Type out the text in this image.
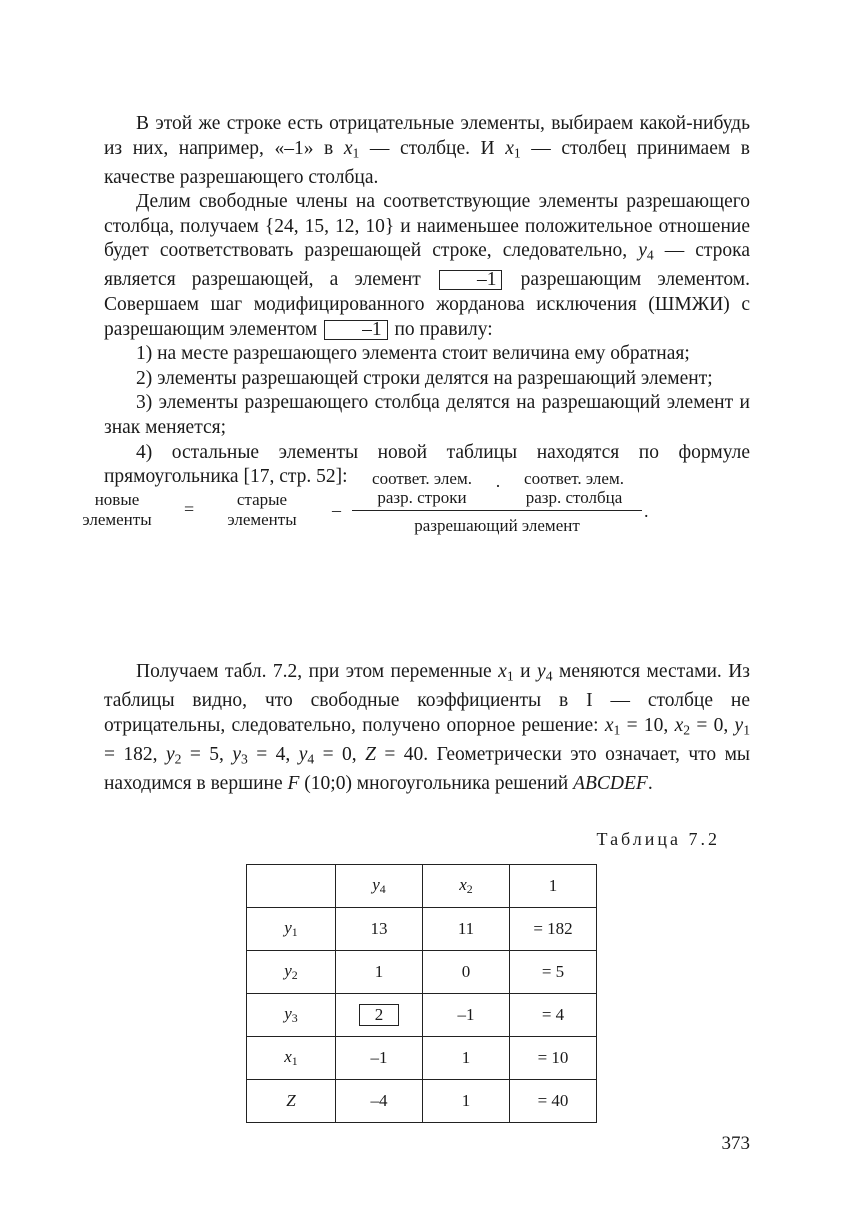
В этой же строке есть отрицательные элементы, выбираем какой-нибудь из них, например, «–1» в $x_1$ — столбце. И $x_1$ — столбец принимаем в качестве разрешающего столбца.

Делим свободные члены на соответствующие элементы разрешающего столбца, получаем {24, 15, 12, 10} и наименьшее положительное отношение будет соответствовать разрешающей строке, следовательно, $y_4$ — строка является разрешающей, а элемент –1 разрешающим элементом. Совершаем шаг модифицированного жорданова исключения (ШМЖИ) с разрешающим элементом –1 по правилу:

1) на месте разрешающего элемента стоит величина ему обратная;

2) элементы разрешающей строки делятся на разрешающий элемент;

3) элементы разрешающего столбца делятся на разрешающий элемент и знак меняется;

4) остальные элементы новой таблицы находятся по формуле прямоугольника [17, стр. 52]:

новые
элементы
=	старые
элементы	–
соответ. элем.
разр. строки
·	соответ. элем.
разр. столбца
разрешающий элемент
.

Получаем табл. 7.2, при этом переменные $x_1$ и $y_4$ меняются местами. Из таблицы видно, что свободные коэффициенты в I — столбце не отрицательны, следовательно, получено опорное решение: $x_1 = 10$, $x_2 = 0$, $y_1 = 182$, $y_2 = 5$, $y_3 = 4$, $y_4 = 0$, Z = 40. Геометрически это означает, что мы находимся в вершине F (10;0) многоугольника решений ABCDEF.

Таблица 7.2
	$y_4$	$x_2$	1
$y_1$	13	11	= 182
$y_2$	1	0	= 5
$y_3$	2	–1	= 4
$x_1$	–1	1	= 10
Z	–4	1	= 40
373
